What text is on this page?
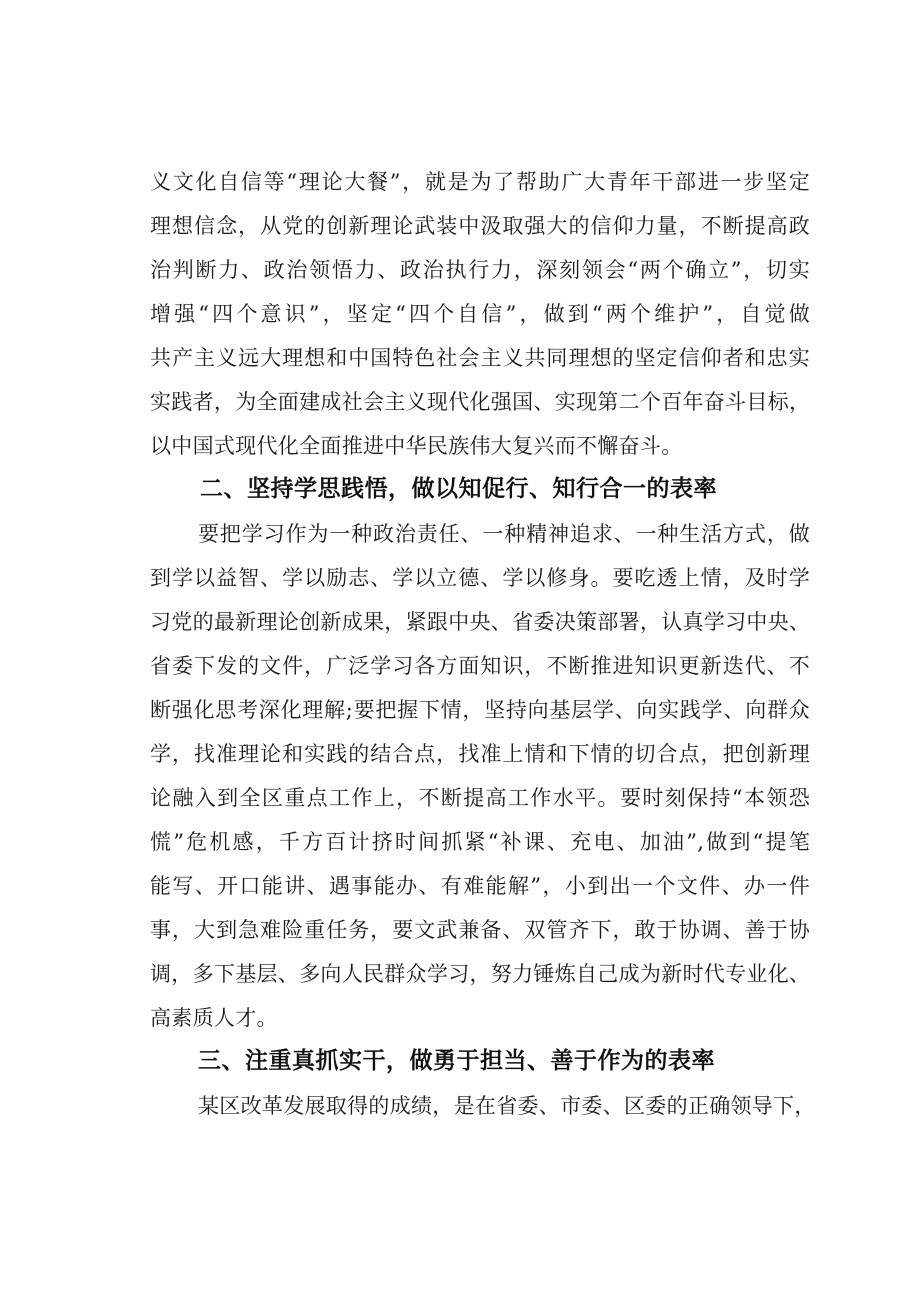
义文化自信等“理论大餐”，就是为了帮助广大青年干部进一步坚定
理想信念，从党的创新理论武装中汲取强大的信仰力量，不断提高政
治判断力、政治领悟力、政治执行力，深刻领会“两个确立”，切实
增强“四个意识”，坚定“四个自信”，做到“两个维护”，自觉做
共产主义远大理想和中国特色社会主义共同理想的坚定信仰者和忠实
实践者，为全面建成社会主义现代化强国、实现第二个百年奋斗目标，
以中国式现代化全面推进中华民族伟大复兴而不懈奋斗。
二、坚持学思践悟，做以知促行、知行合一的表率
要把学习作为一种政治责任、一种精神追求、一种生活方式，做
到学以益智、学以励志、学以立德、学以修身。要吃透上情，及时学
习党的最新理论创新成果，紧跟中央、省委决策部署，认真学习中央、
省委下发的文件，广泛学习各方面知识，不断推进知识更新迭代、不
断强化思考深化理解;要把握下情，坚持向基层学、向实践学、向群众
学，找准理论和实践的结合点，找准上情和下情的切合点，把创新理
论融入到全区重点工作上，不断提高工作水平。要时刻保持“本领恐
慌”危机感，千方百计挤时间抓紧“补课、充电、加油”,做到“提笔
能写、开口能讲、遇事能办、有难能解”，小到出一个文件、办一件
事，大到急难险重任务，要文武兼备、双管齐下，敢于协调、善于协
调，多下基层、多向人民群众学习，努力锤炼自己成为新时代专业化、
高素质人才。
三、注重真抓实干，做勇于担当、善于作为的表率
某区改革发展取得的成绩，是在省委、市委、区委的正确领导下，
